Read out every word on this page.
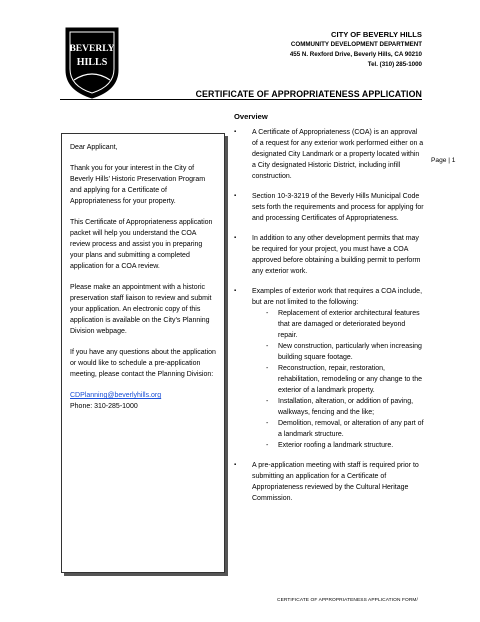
BEVERLY
HILLS
CITY OF BEVERLY HILLS
COMMUNITY DEVELOPMENT DEPARTMENT
455 N. Rexford Drive, Beverly Hills, CA 90210
Tel. (310) 285-1000
CERTIFICATE OF APPROPRIATENESS APPLICATION

Dear Applicant,

Thank you for your interest in the City of Beverly Hills’ Historic Preservation Program and applying for a Certificate of Appropriateness for your property.

This Certificate of Appropriateness application packet will help you understand the COA review process and assist you in preparing your plans and submitting a completed application for a COA review.

Please make an appointment with a historic preservation staff liaison to review and submit your application. An electronic copy of this application is available on the City’s Planning Division webpage.

If you have any questions about the application or would like to schedule a pre-application meeting, please contact the Planning Division:

CDPlanning@beverlyhills.org
Phone: 310-285-1000
Overview
▪ A Certificate of Appropriateness (COA) is an approval of a request for any exterior work performed either on a designated City Landmark or a property located within a City designated Historic District, including infill construction.
▪ Section 10-3-3219 of the Beverly Hills Municipal Code sets forth the requirements and process for applying for and processing Certificates of Appropriateness.
▪ In addition to any other development permits that may be required for your project, you must have a COA approved before obtaining a building permit to perform any exterior work.
▪ Examples of exterior work that requires a COA include, but are not limited to the following:
- Replacement of exterior architectural features that are damaged or deteriorated beyond repair.
- New construction, particularly when increasing building square footage.
- Reconstruction, repair, restoration, rehabilitation, remodeling or any change to the exterior of a landmark property.
- Installation, alteration, or addition of paving, walkways, fencing and the like;
- Demolition, removal, or alteration of any part of a landmark structure.
- Exterior roofing a landmark structure.
▪ A pre-application meeting with staff is required prior to submitting an application for a Certificate of Appropriateness reviewed by the Cultural Heritage Commission.
Page | 1
CERTIFICATE OF APPROPRIATENESS APPLICATION FORM/
